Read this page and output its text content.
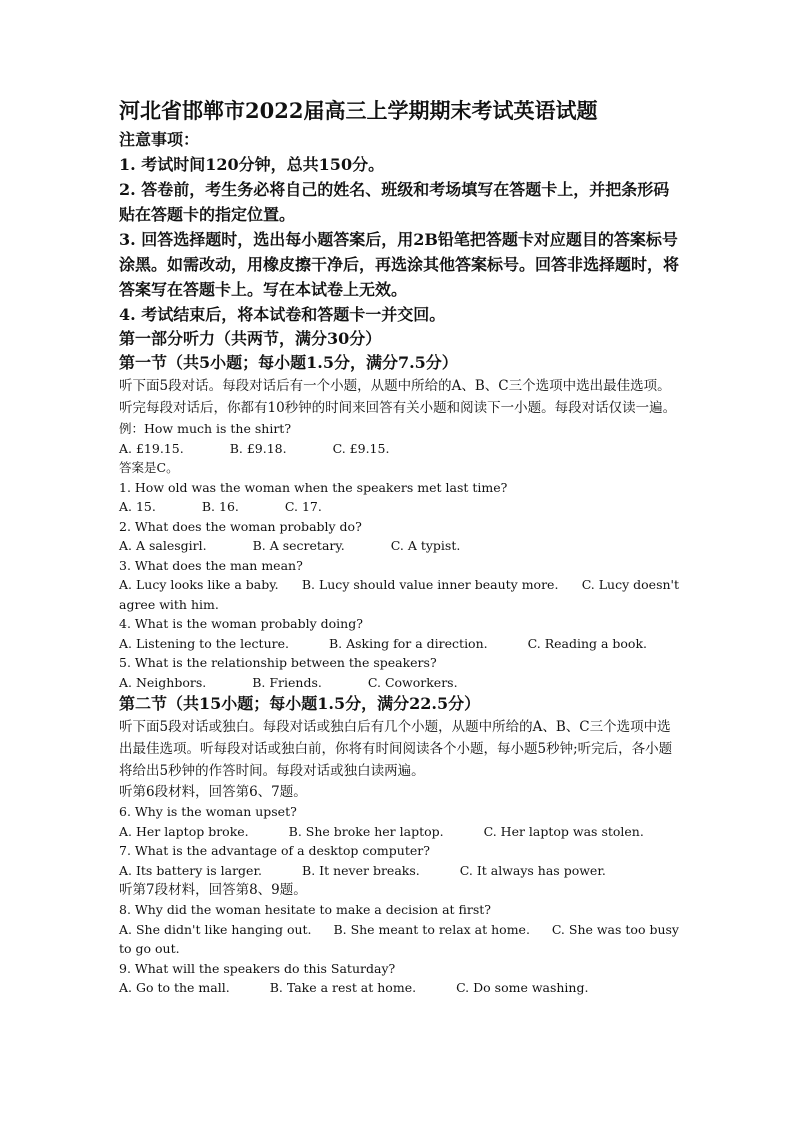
河北省邯郸市2022届高三上学期期末考试英语试题
注意事项：
1. 考试时间120分钟，总共150分。
2. 答卷前，考生务必将自己的姓名、班级和考场填写在答题卡上，并把条形码贴在答题卡的指定位置。
3. 回答选择题时，选出每小题答案后，用2B铅笔把答题卡对应题目的答案标号涂黑。如需改动，用橡皮擦干净后，再选涂其他答案标号。回答非选择题时，将答案写在答题卡上。写在本试卷上无效。
4. 考试结束后，将本试卷和答题卡一并交回。
第一部分听力（共两节，满分30分）
第一节（共5小题；每小题1.5分，满分7.5分）
听下面5段对话。每段对话后有一个小题，从题中所给的A、B、C三个选项中选出最佳选项。听完每段对话后，你都有10秒钟的时间来回答有关小题和阅读下一小题。每段对话仅读一遍。
例：How much is the shirt?
A. £19.15.	B. £9.18.	C. £9.15.
答案是C。
1. How old was the woman when the speakers met last time?
A. 15.	B. 16.	C. 17.
2. What does the woman probably do?
A. A salesgirl.	B. A secretary.	C. A typist.
3. What does the man mean?
A. Lucy looks like a baby. B. Lucy should value inner beauty more. C. Lucy doesn't
agree with him.
4. What is the woman probably doing?
A. Listening to the lecture.	B. Asking for a direction.	C. Reading a book.
5. What is the relationship between the speakers?
A. Neighbors.	B. Friends.	C. Coworkers.
第二节（共15小题；每小题1.5分，满分22.5分）
听下面5段对话或独白。每段对话或独白后有几个小题，从题中所给的A、B、C三个选项中选出最佳选项。听每段对话或独白前，你将有时间阅读各个小题，每小题5秒钟;听完后，各小题将给出5秒钟的作答时间。每段对话或独白读两遍。
听第6段材料，回答第6、7题。
6. Why is the woman upset?
A. Her laptop broke.	B. She broke her laptop.	C. Her laptop was stolen.
7. What is the advantage of a desktop computer?
A. Its battery is larger.	B. It never breaks.	C. It always has power.
听第7段材料，回答第8、9题。
8. Why did the woman hesitate to make a decision at first?
A. She didn't like hanging out. B. She meant to relax at home. C. She was too busy
to go out.
9. What will the speakers do this Saturday?
A. Go to the mall.	B. Take a rest at home.	C. Do some washing.
